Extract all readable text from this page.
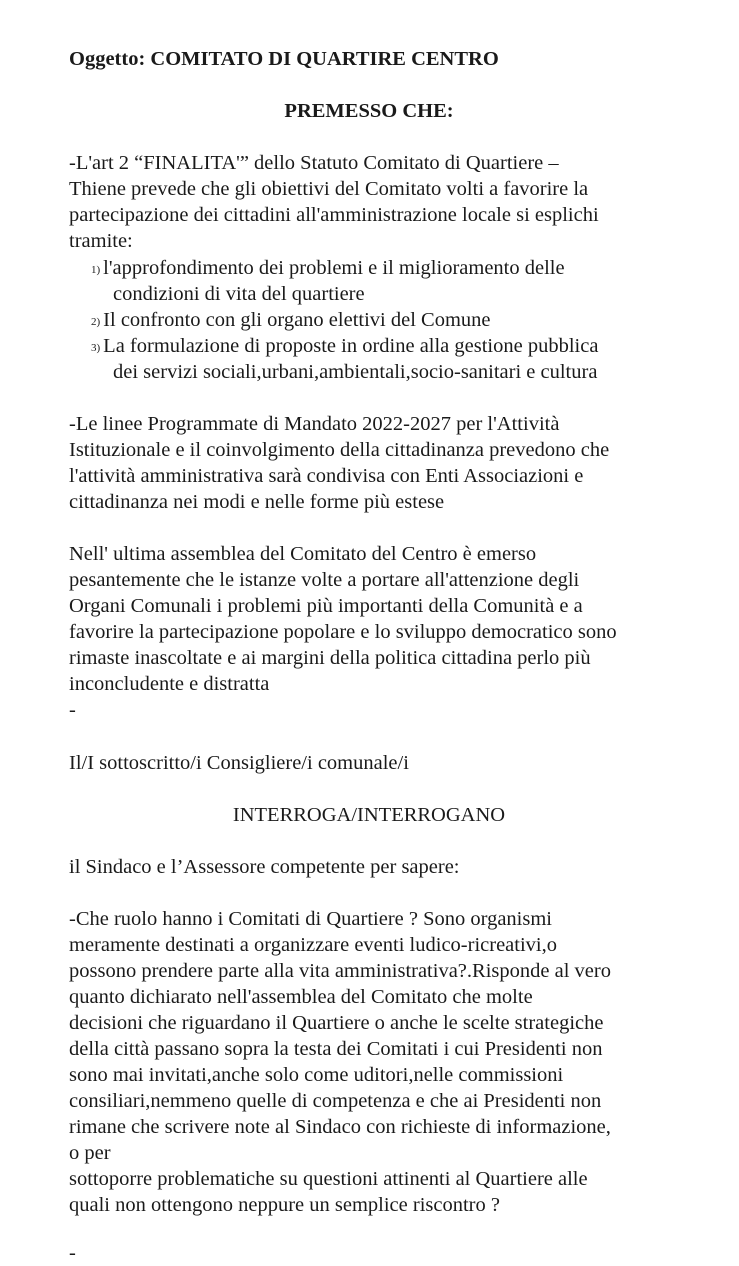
Oggetto: COMITATO DI QUARTIRE CENTRO
PREMESSO CHE:
-L'art 2 “FINALITA'” dello Statuto Comitato di Quartiere –
Thiene prevede che gli obiettivi del Comitato volti a favorire la
partecipazione dei cittadini all'amministrazione locale si esplichi
tramite:
1) l'approfondimento dei problemi e il miglioramento delle
condizioni di vita del quartiere
2) Il confronto con gli organo elettivi del Comune
3) La formulazione di proposte in ordine alla gestione pubblica
dei servizi sociali,urbani,ambientali,socio-sanitari e cultura
-Le linee Programmate di Mandato 2022-2027 per l'Attività
Istituzionale e il coinvolgimento della cittadinanza prevedono che
l'attività amministrativa sarà condivisa con Enti Associazioni e
cittadinanza nei modi e nelle forme più estese
Nell' ultima assemblea del Comitato del Centro è emerso
pesantemente che le istanze volte a portare all'attenzione degli
Organi Comunali i problemi più importanti della Comunità e a
favorire la partecipazione popolare e lo sviluppo democratico sono
rimaste inascoltate e ai margini della politica cittadina perlo più
inconcludente e distratta
-
Il/I sottoscritto/i Consigliere/i comunale/i
INTERROGA/INTERROGANO
il Sindaco e l’Assessore competente per sapere:
-Che ruolo hanno i Comitati di Quartiere ? Sono organismi
meramente destinati a organizzare eventi ludico-ricreativi,o
possono prendere parte alla vita amministrativa?.Risponde al vero
quanto dichiarato nell'assemblea del Comitato che molte
decisioni che riguardano il Quartiere o anche le scelte strategiche
della città passano sopra la testa dei Comitati i cui Presidenti non
sono mai invitati,anche solo come uditori,nelle commissioni
consiliari,nemmeno quelle di competenza e che ai Presidenti non
rimane che scrivere note al Sindaco con richieste di informazione,
o per
sottoporre problematiche su questioni attinenti al Quartiere alle
quali non ottengono neppure un semplice riscontro ?
-
